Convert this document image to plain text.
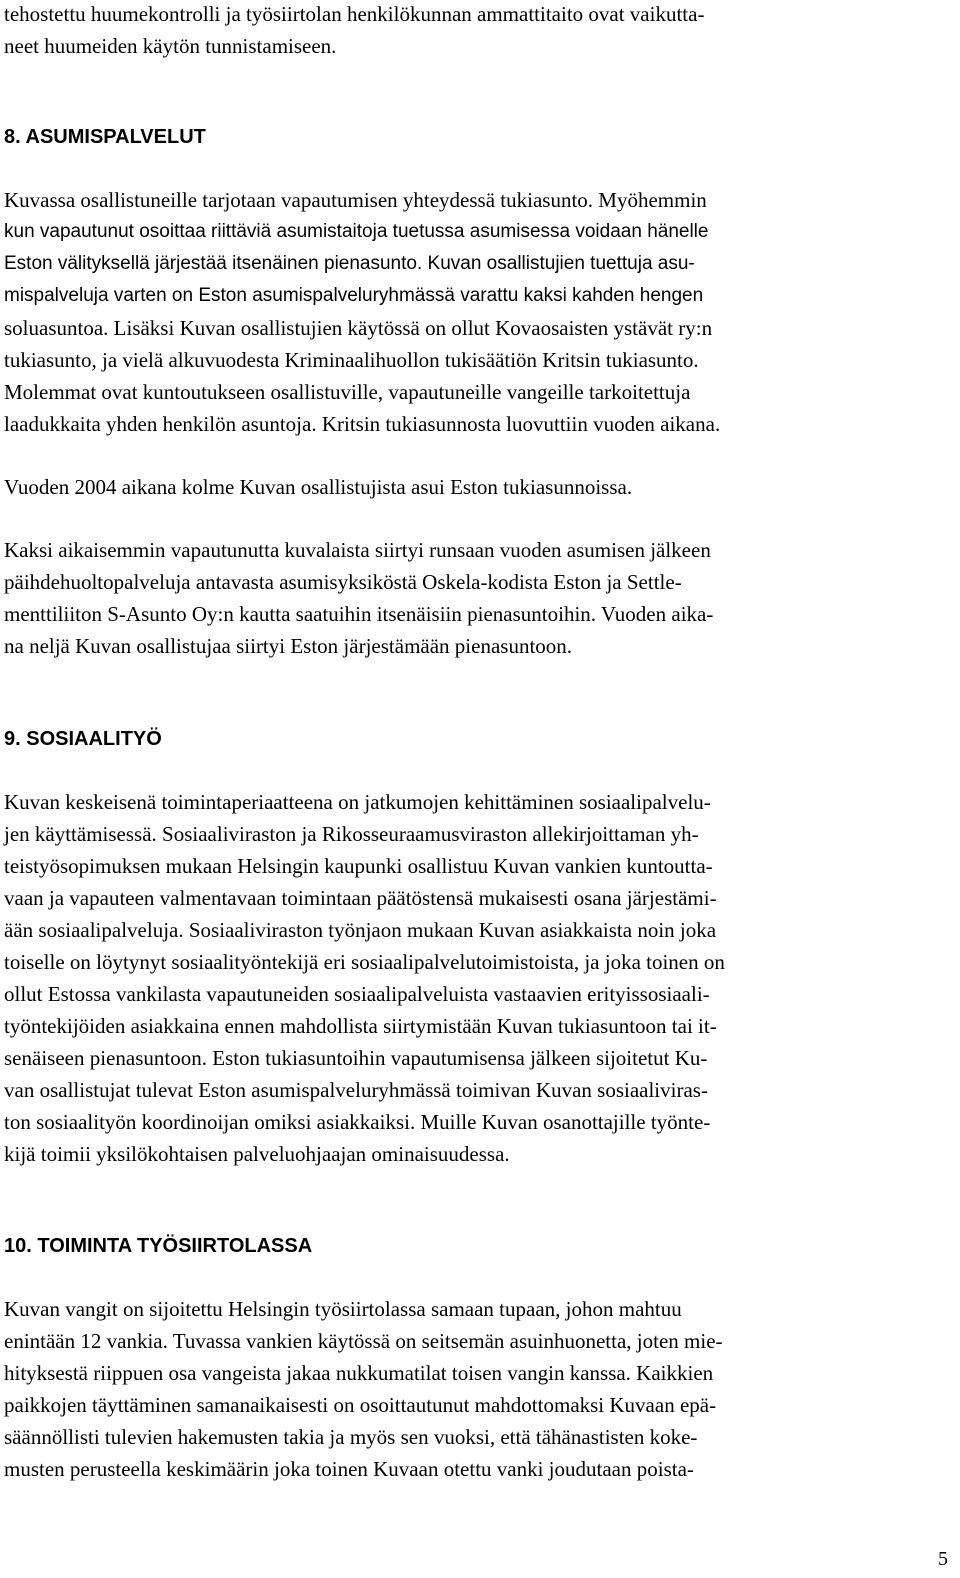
tehostettu huumekontrolli ja työsiirtolan henkilökunnan ammattitaito ovat vaikutta-
neet huumeiden käytön tunnistamiseen.
8. ASUMISPALVELUT
Kuvassa osallistuneille tarjotaan vapautumisen yhteydessä tukiasunto. Myöhemmin
kun vapautunut osoittaa riittäviä asumistaitoja tuetussa asumisessa voidaan hänelle
Eston välityksellä järjestää itsenäinen pienasunto. Kuvan osallistujien tuettuja asu-
mispalveluja varten on Eston asumispalveluryhmässä varattu kaksi kahden hengen
soluasuntoa. Lisäksi Kuvan osallistujien käytössä on ollut Kovaosaisten ystävät ry:n
tukiasunto, ja vielä alkuvuodesta Kriminaalihuollon tukisäätiön Kritsin tukiasunto.
Molemmat ovat kuntoutukseen osallistuville, vapautuneille vangeille tarkoitettuja
laadukkaita yhden henkilön asuntoja. Kritsin tukiasunnosta luovuttiin vuoden aikana.
Vuoden 2004 aikana kolme Kuvan osallistujista asui Eston tukiasunnoissa.
Kaksi aikaisemmin vapautunutta kuvalaista siirtyi runsaan vuoden asumisen jälkeen
päihdehuoltopalveluja antavasta asumisyksiköstä Oskela-kodista Eston ja Settle-
menttiliiton S-Asunto Oy:n kautta saatuihin itsenäisiin pienasuntoihin. Vuoden aika-
na neljä Kuvan osallistujaa siirtyi Eston järjestämään pienasuntoon.
9. SOSIAALITYÖ
Kuvan keskeisenä toimintaperiaatteena on jatkumojen kehittäminen sosiaalipalvelu-
jen käyttämisessä. Sosiaaliviraston ja Rikosseuraamusviraston allekirjoittaman yh-
teistyösopimuksen mukaan Helsingin kaupunki osallistuu Kuvan vankien kuntoutta-
vaan ja vapauteen valmentavaan toimintaan päätöstensä mukaisesti osana järjestämi-
ään sosiaalipalveluja. Sosiaaliviraston työnjaon mukaan Kuvan asiakkaista noin joka
toiselle on löytynyt sosiaalityöntekijä eri sosiaalipalvelutoimistoista, ja joka toinen on
ollut Estossa vankilasta vapautuneiden sosiaalipalveluista vastaavien erityissosiaali-
työntekijöiden asiakkaina ennen mahdollista siirtymistään Kuvan tukiasuntoon tai it-
senäiseen pienasuntoon. Eston tukiasuntoihin vapautumisensa jälkeen sijoitetut Ku-
van osallistujat tulevat Eston asumispalveluryhmässä toimivan Kuvan sosiaaliviras-
ton sosiaalityön koordinoijan omiksi asiakkaiksi. Muille Kuvan osanottajille työnte-
kijä toimii yksilökohtaisen palveluohjaajan ominaisuudessa.
10. TOIMINTA TYÖSIIRTOLASSA
Kuvan vangit on sijoitettu Helsingin työsiirtolassa samaan tupaan, johon mahtuu
enintään 12 vankia. Tuvassa vankien käytössä on seitsemän asuinhuonetta, joten mie-
hityksestä riippuen osa vangeista jakaa nukkumatilat toisen vangin kanssa. Kaikkien
paikkojen täyttäminen samanaikaisesti on osoittautunut mahdottomaksi Kuvaan epä-
säännöllisti tulevien hakemusten takia ja myös sen vuoksi, että tähänastisten koke-
musten perusteella keskimäärin joka toinen Kuvaan otettu vanki joudutaan poista-
5
